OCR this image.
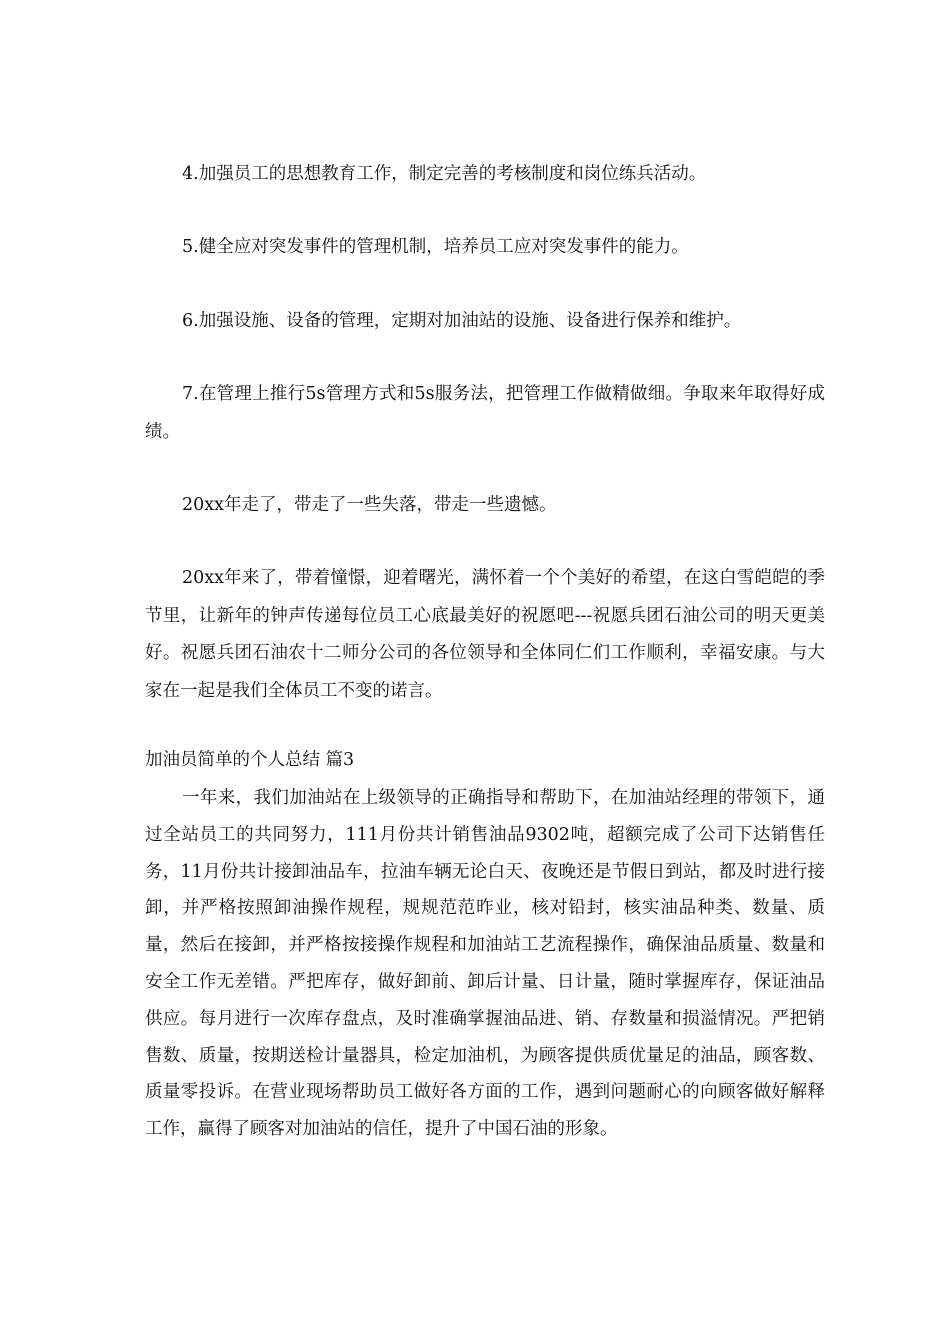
4.加强员工的思想教育工作，制定完善的考核制度和岗位练兵活动。

5.健全应对突发事件的管理机制，培养员工应对突发事件的能力。

6.加强设施、设备的管理，定期对加油站的设施、设备进行保养和维护。

7.在管理上推行5s管理方式和5s服务法，把管理工作做精做细。争取来年取得好成绩。

20xx年走了，带走了一些失落，带走一些遗憾。

20xx年来了，带着憧憬，迎着曙光，满怀着一个个美好的希望，在这白雪皑皑的季节里，让新年的钟声传递每位员工心底最美好的祝愿吧---祝愿兵团石油公司的明天更美好。祝愿兵团石油农十二师分公司的各位领导和全体同仁们工作顺利，幸福安康。与大家在一起是我们全体员工不变的诺言。

加油员简单的个人总结 篇3

一年来，我们加油站在上级领导的正确指导和帮助下，在加油站经理的带领下，通过全站员工的共同努力，111月份共计销售油品9302吨，超额完成了公司下达销售任务，11月份共计接卸油品车，拉油车辆无论白天、夜晚还是节假日到站，都及时进行接卸，并严格按照卸油操作规程，规规范范昨业，核对铅封，核实油品种类、数量、质量，然后在接卸，并严格按接操作规程和加油站工艺流程操作，确保油品质量、数量和安全工作无差错。严把库存，做好卸前、卸后计量、日计量，随时掌握库存，保证油品供应。每月进行一次库存盘点，及时准确掌握油品进、销、存数量和损溢情况。严把销售数、质量，按期送检计量器具，检定加油机，为顾客提供质优量足的油品，顾客数、质量零投诉。在营业现场帮助员工做好各方面的工作，遇到问题耐心的向顾客做好解释工作，赢得了顾客对加油站的信任，提升了中国石油的形象。
